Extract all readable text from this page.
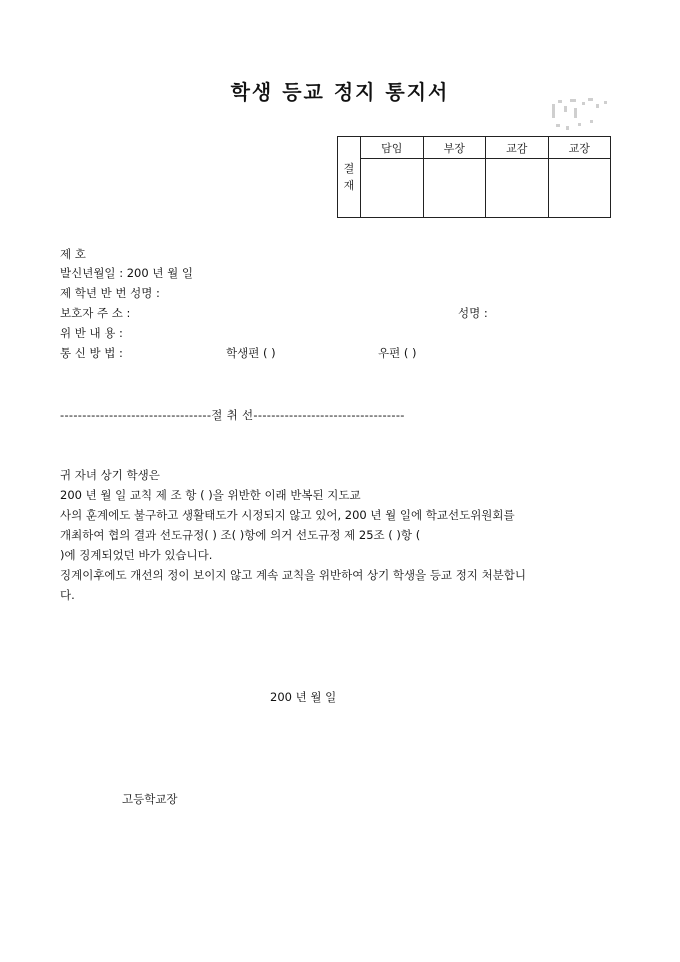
학생 등교 정지 통지서
결
재	담임	부장	교감	교장

제 호
발신년월일 : 200 년 월 일
제 학년 반 번 성명 :
보호자 주 소 :	성명 :
위 반 내 용 :
통 신 방 법 :	학생편 ( )	우편 ( )
----------------------------------절 취 선----------------------------------
귀 자녀 상기 학생은
200 년 월 일 교칙 제 조 항 ( )을 위반한 이래 반복된 지도교
사의 훈계에도 불구하고 생활태도가 시정되지 않고 있어, 200 년 월 일에 학교선도위원회를
개최하여 협의 결과 선도규정( ) 조( )항에 의거 선도규정 제 25조 ( )항 (
)에 징계되었던 바가 있습니다.
징계이후에도 개선의 정이 보이지 않고 계속 교칙을 위반하여 상기 학생을 등교 정지 처분합니
다.
200 년 월 일
고등학교장
